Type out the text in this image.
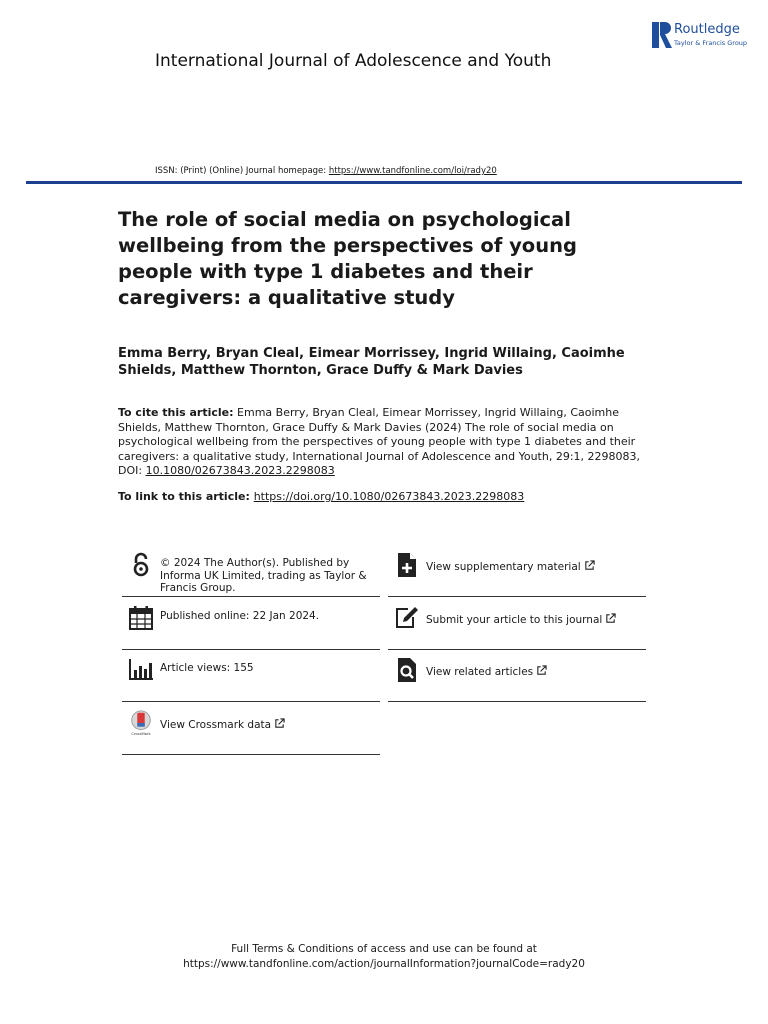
Routledge
Taylor & Francis Group
International Journal of Adolescence and Youth
ISSN: (Print) (Online) Journal homepage: https://www.tandfonline.com/loi/rady20
The role of social media on psychological wellbeing from the perspectives of young people with type 1 diabetes and their caregivers: a qualitative study
Emma Berry, Bryan Cleal, Eimear Morrissey, Ingrid Willaing, Caoimhe Shields, Matthew Thornton, Grace Duffy & Mark Davies
To cite this article: Emma Berry, Bryan Cleal, Eimear Morrissey, Ingrid Willaing, Caoimhe Shields, Matthew Thornton, Grace Duffy & Mark Davies (2024) The role of social media on psychological wellbeing from the perspectives of young people with type 1 diabetes and their caregivers: a qualitative study, International Journal of Adolescence and Youth, 29:1, 2298083, DOI: 10.1080/02673843.2023.2298083
To link to this article: https://doi.org/10.1080/02673843.2023.2298083
© 2024 The Author(s). Published by Informa UK Limited, trading as Taylor & Francis Group.
Published online: 22 Jan 2024.
Article views: 155
CrossMark
View Crossmark data
View supplementary material
Submit your article to this journal
View related articles
Full Terms & Conditions of access and use can be found at
https://www.tandfonline.com/action/journalInformation?journalCode=rady20
